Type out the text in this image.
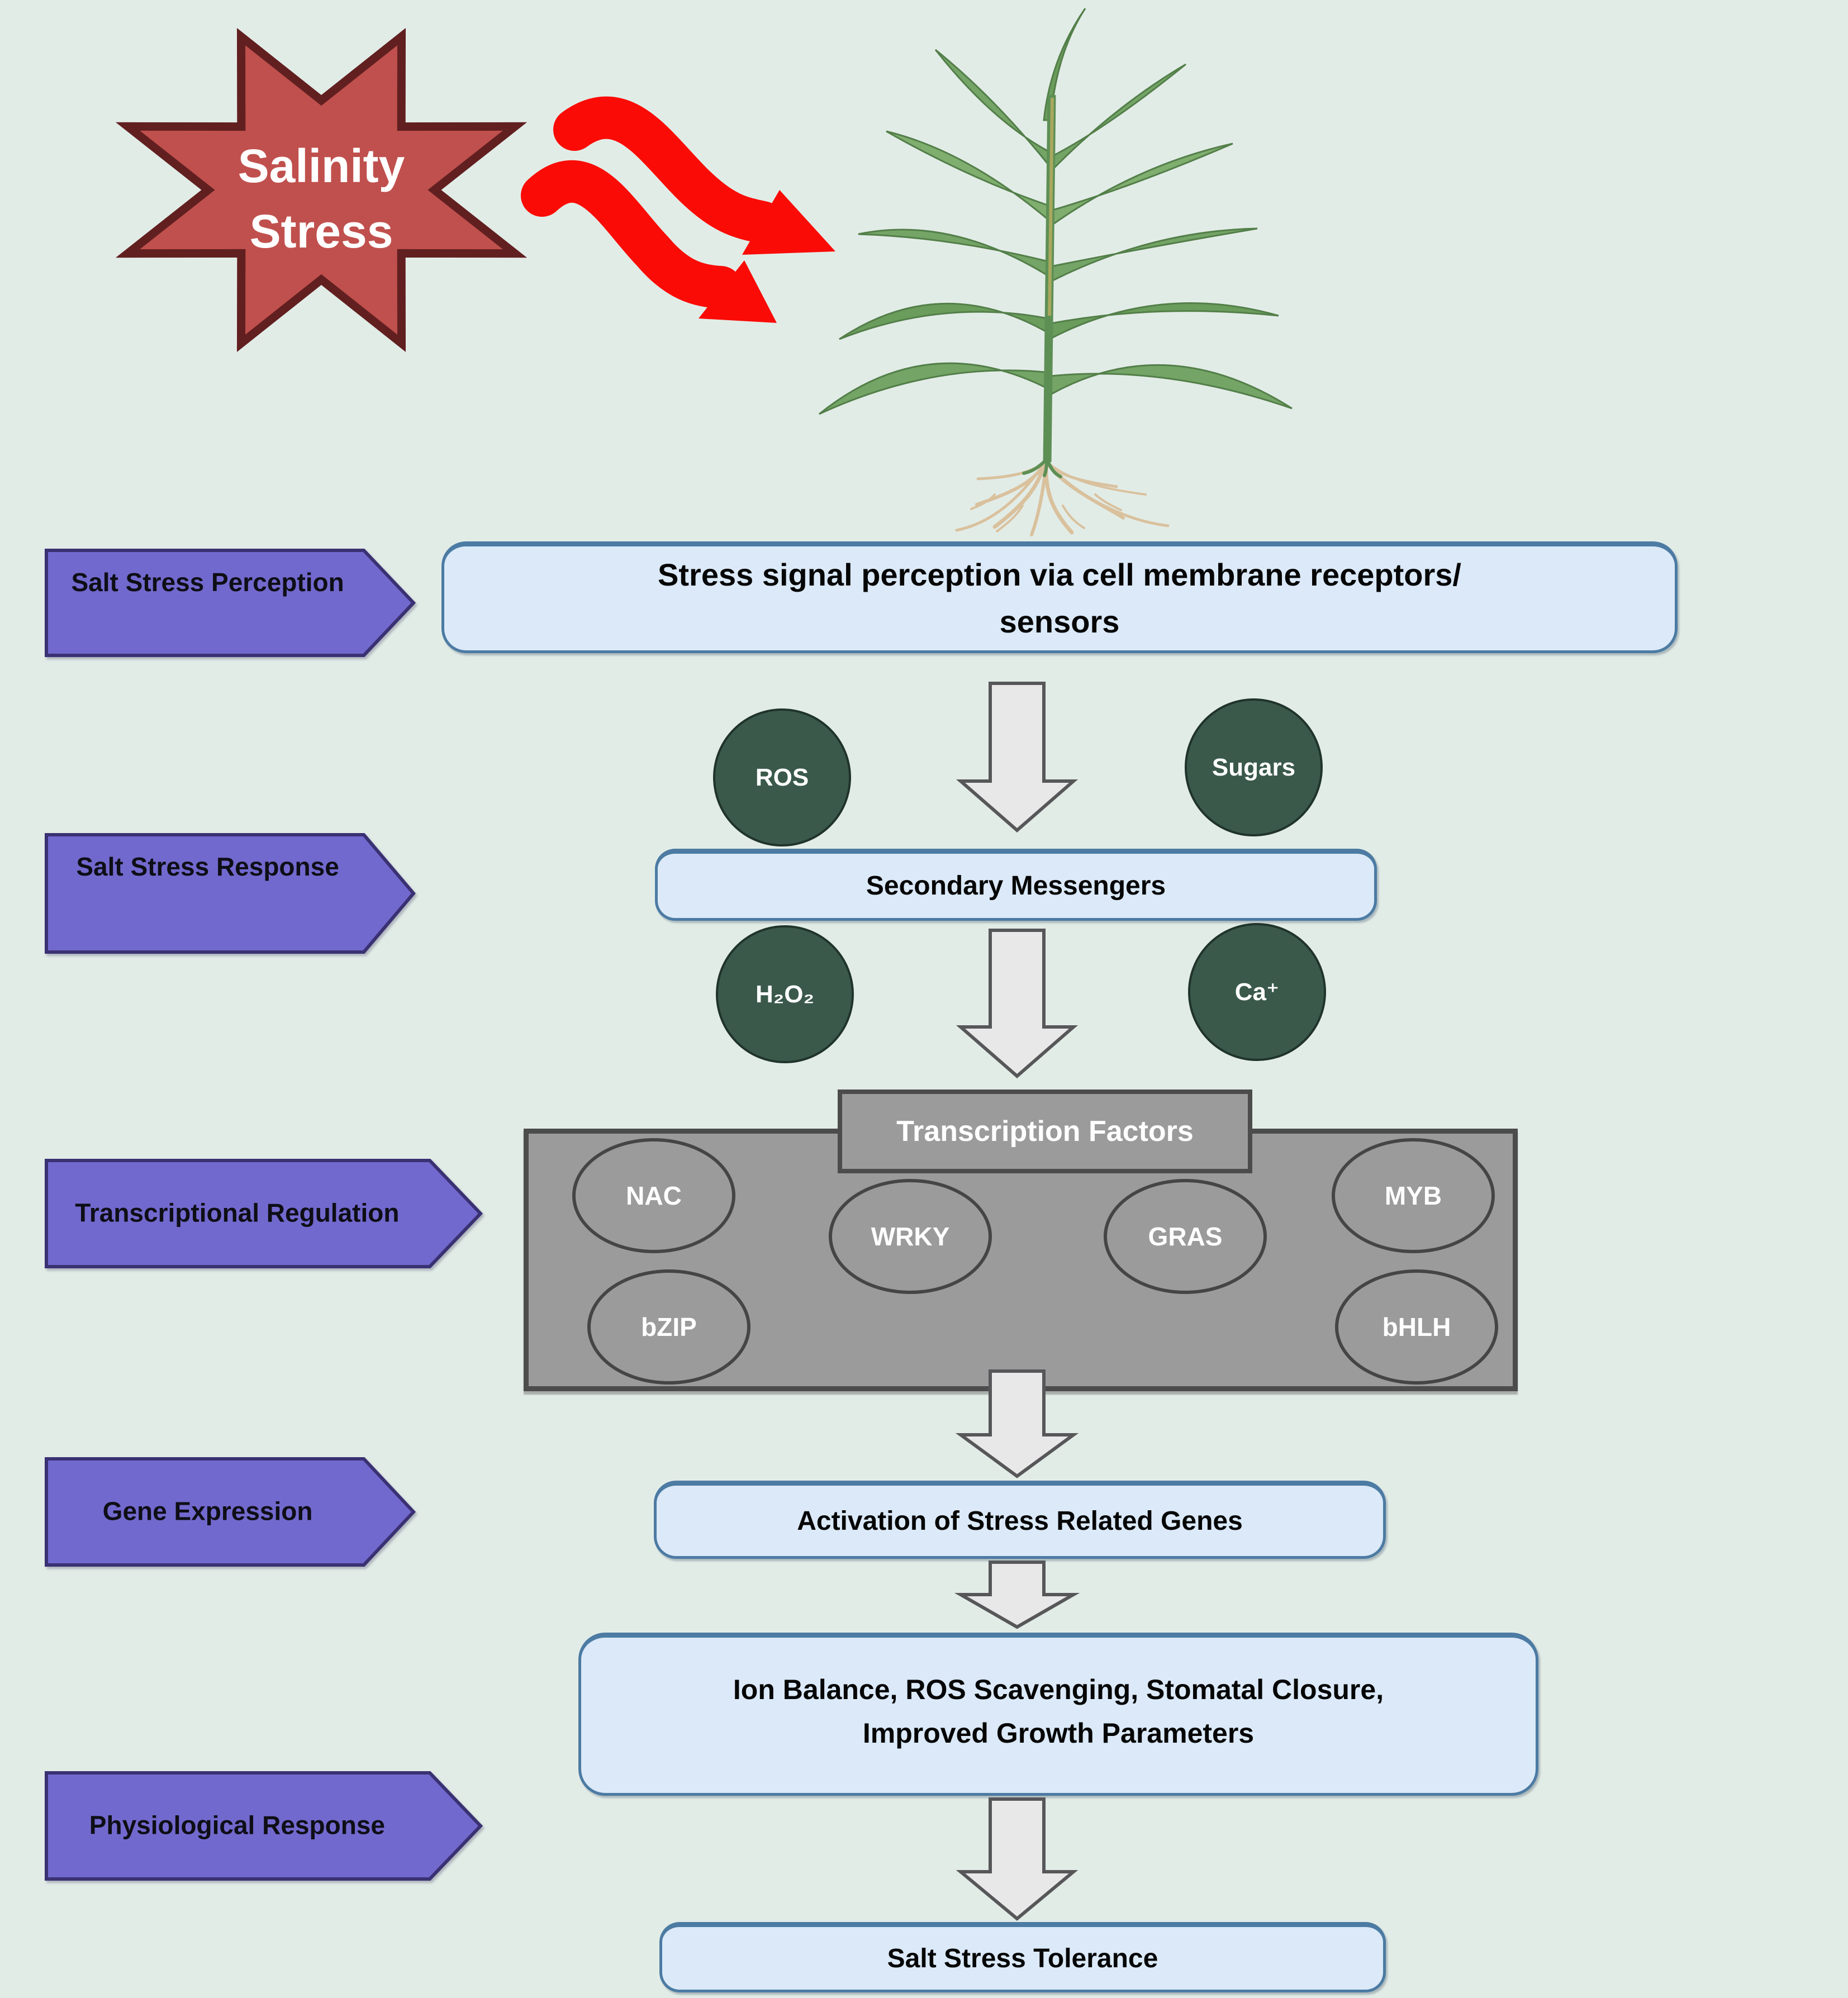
Salinity
Stress
Stress signal perception via cell membrane receptors/
sensors
Secondary Messengers
Activation of Stress Related Genes
Ion Balance, ROS Scavenging, Stomatal Closure,
Improved Growth Parameters
Salt Stress Tolerance
ROS	Sugars
H₂O₂	Ca⁺
NAC
WRKY	GRAS
MYB
bZIP	bHLH
Transcription Factors
Salt Stress Perception
Salt Stress Response
Transcriptional Regulation
Gene Expression
Physiological Response
